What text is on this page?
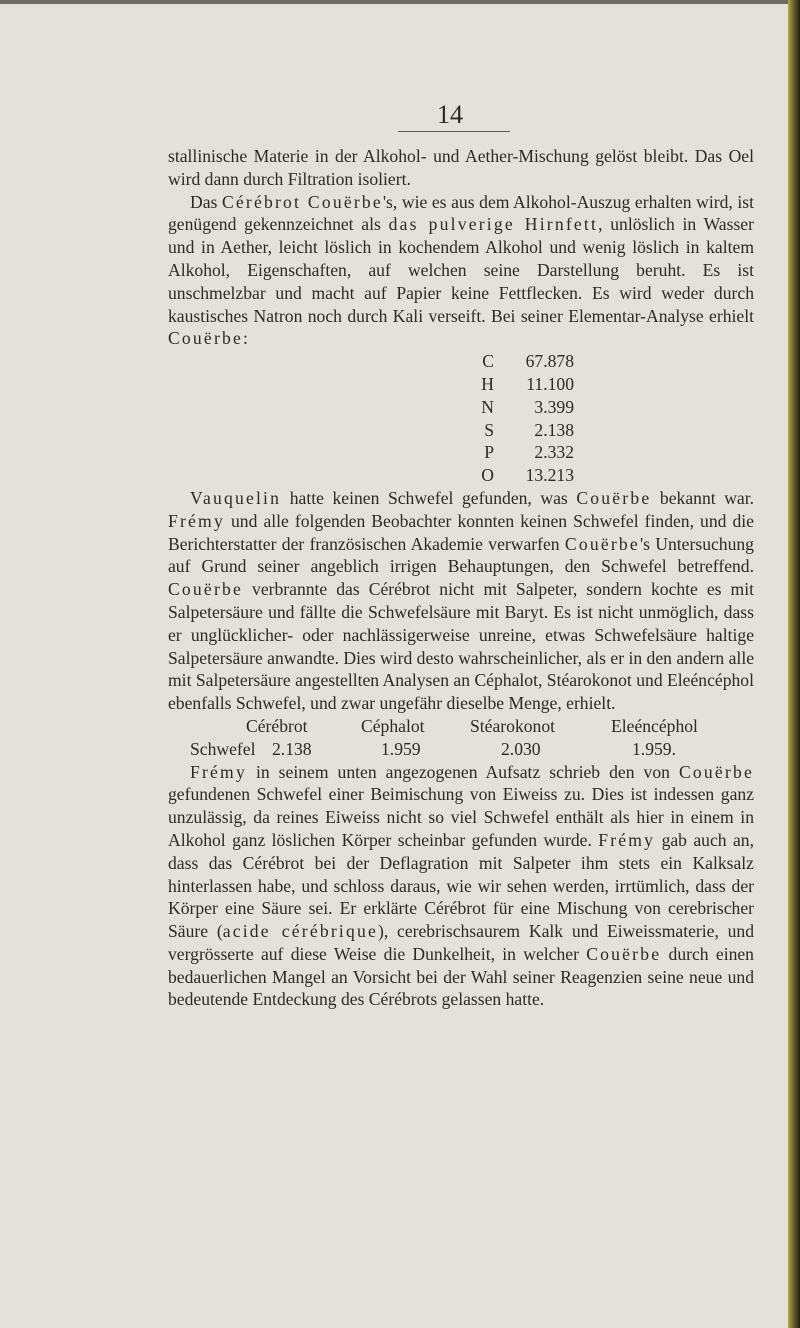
14

stallinische Materie in der Alkohol- und Aether-Mischung gelöst bleibt. Das Oel wird dann durch Filtration isoliert.

Das Cérébrot Couërbe's, wie es aus dem Alkohol-Auszug erhalten wird, ist genügend gekennzeichnet als das pulverige Hirnfett, unlöslich in Wasser und in Aether, leicht löslich in kochendem Alkohol und wenig löslich in kaltem Alkohol, Eigenschaften, auf welchen seine Darstellung beruht. Es ist unschmelzbar und macht auf Papier keine Fettflecken. Es wird weder durch kaustisches Natron noch durch Kali verseift. Bei seiner Elementar-Analyse erhielt Couërbe:

C	67.878
H	11.100
N	3.399
S	2.138
P	2.332
O	13.213

Vauquelin hatte keinen Schwefel gefunden, was Couërbe bekannt war. Frémy und alle folgenden Beobachter konnten keinen Schwefel finden, und die Berichterstatter der französischen Akademie verwarfen Couërbe's Untersuchung auf Grund seiner angeblich irrigen Behauptungen, den Schwefel betreffend. Couërbe verbrannte das Cérébrot nicht mit Salpeter, sondern kochte es mit Salpetersäure und fällte die Schwefelsäure mit Baryt. Es ist nicht unmöglich, dass er unglücklicher- oder nachlässigerweise unreine, etwas Schwefelsäure haltige Salpetersäure anwandte. Dies wird desto wahrscheinlicher, als er in den andern alle mit Salpetersäure angestellten Analysen an Céphalot, Stéarokonot und Eleéncéphol ebenfalls Schwefel, und zwar ungefähr dieselbe Menge, erhielt.

Cérébrot	Céphalot	Stéarokonot	Eleéncéphol
Schwefel 2.138	1.959	2.030	1.959.

Frémy in seinem unten angezogenen Aufsatz schrieb den von Couërbe gefundenen Schwefel einer Beimischung von Eiweiss zu. Dies ist indessen ganz unzulässig, da reines Eiweiss nicht so viel Schwefel enthält als hier in einem in Alkohol ganz löslichen Körper scheinbar gefunden wurde. Frémy gab auch an, dass das Cérébrot bei der Deflagration mit Salpeter ihm stets ein Kalksalz hinterlassen habe, und schloss daraus, wie wir sehen werden, irrtümlich, dass der Körper eine Säure sei. Er erklärte Cérébrot für eine Mischung von cerebrischer Säure (acide cérébrique), cerebrischsaurem Kalk und Eiweissmaterie, und vergrösserte auf diese Weise die Dunkelheit, in welcher Couërbe durch einen bedauerlichen Mangel an Vorsicht bei der Wahl seiner Reagenzien seine neue und bedeutende Entdeckung des Cérébrots gelassen hatte.
